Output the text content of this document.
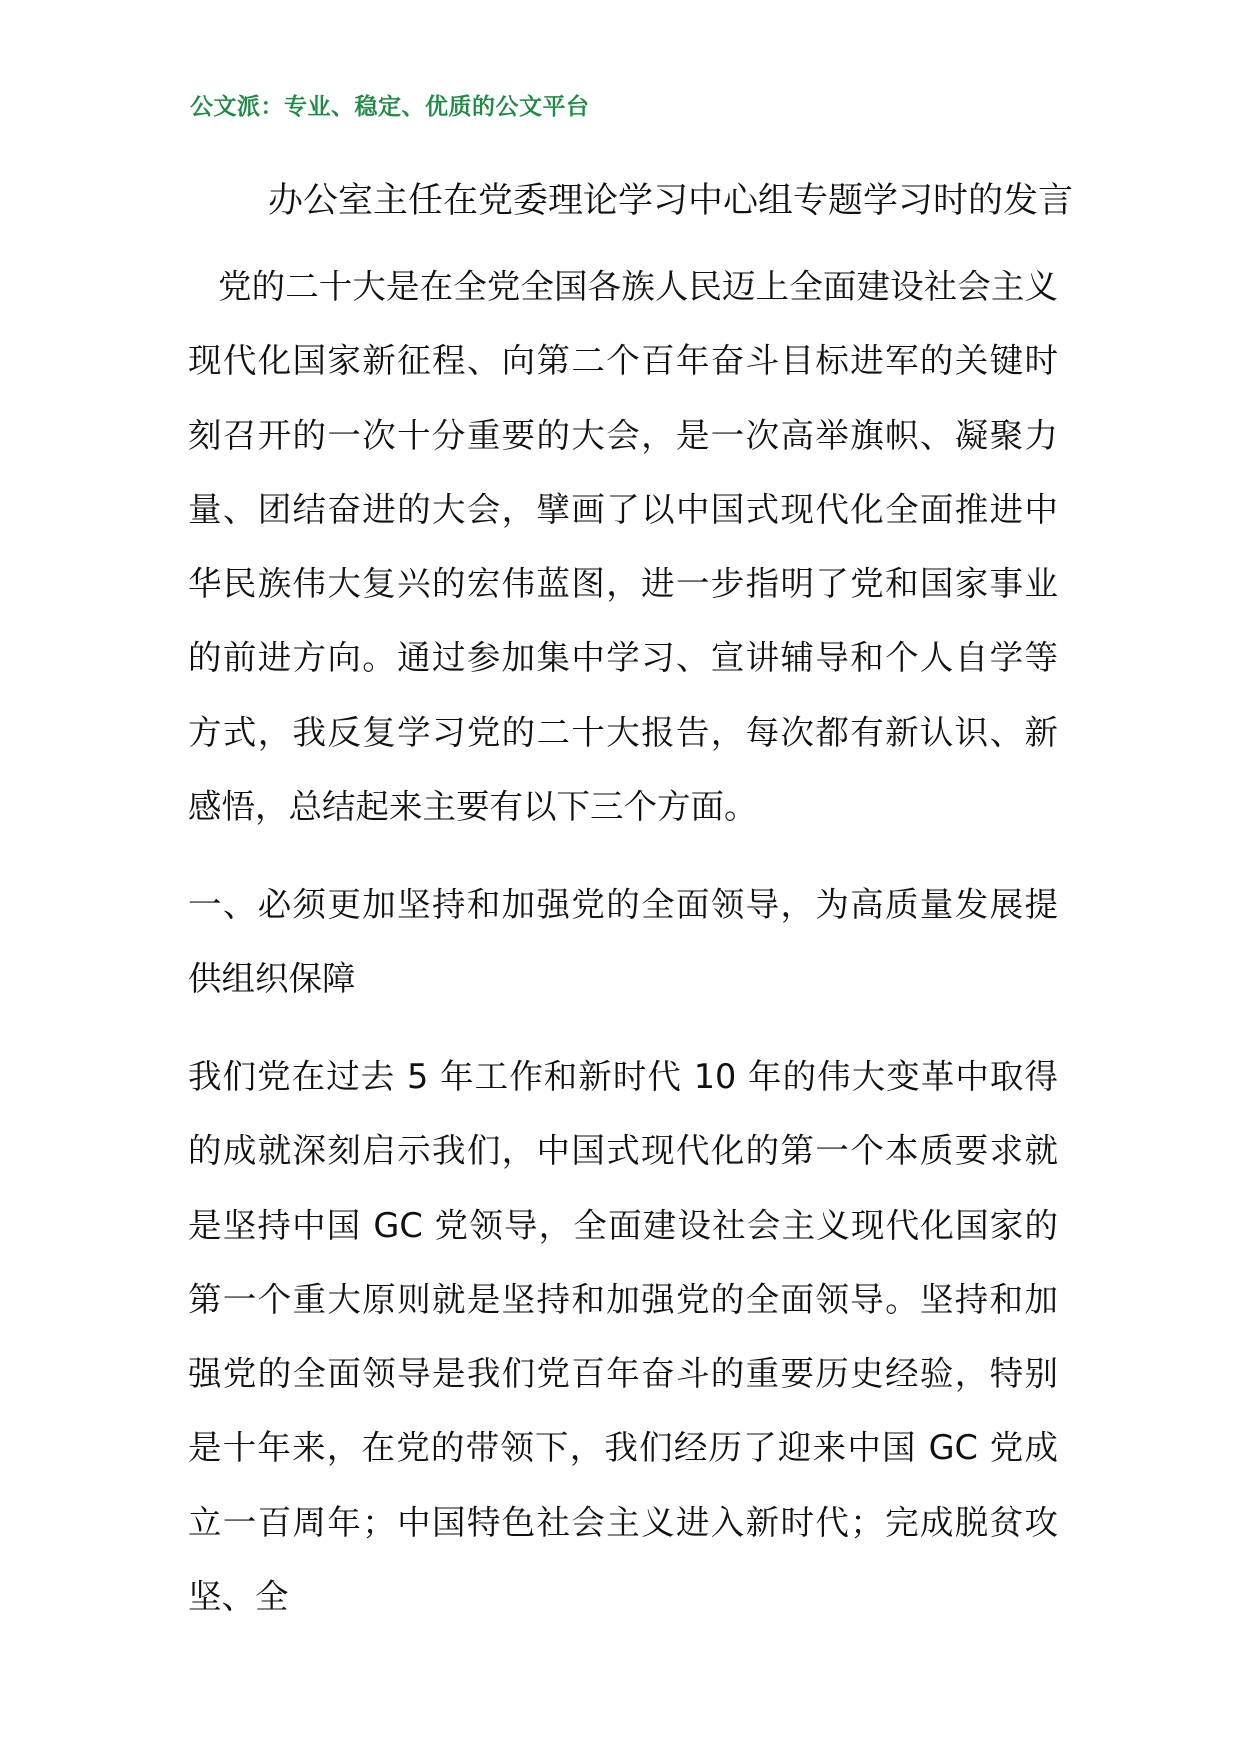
公文派：专业、稳定、优质的公文平台
办公室主任在党委理论学习中心组专题学习时的发言

党的二十大是在全党全国各族人民迈上全面建设社会主义现代化国家新征程、向第二个百年奋斗目标进军的关键时刻召开的一次十分重要的大会，是一次高举旗帜、凝聚力量、团结奋进的大会，擘画了以中国式现代化全面推进中华民族伟大复兴的宏伟蓝图，进一步指明了党和国家事业的前进方向。通过参加集中学习、宣讲辅导和个人自学等方式，我反复学习党的二十大报告，每次都有新认识、新感悟，总结起来主要有以下三个方面。

一、必须更加坚持和加强党的全面领导，为高质量发展提供组织保障

我们党在过去 5 年工作和新时代 10 年的伟大变革中取得的成就深刻启示我们，中国式现代化的第一个本质要求就是坚持中国 GC 党领导，全面建设社会主义现代化国家的第一个重大原则就是坚持和加强党的全面领导。坚持和加强党的全面领导是我们党百年奋斗的重要历史经验，特别是十年来，在党的带领下，我们经历了迎来中国 GC 党成立一百周年；中国特色社会主义进入新时代；完成脱贫攻坚、全
